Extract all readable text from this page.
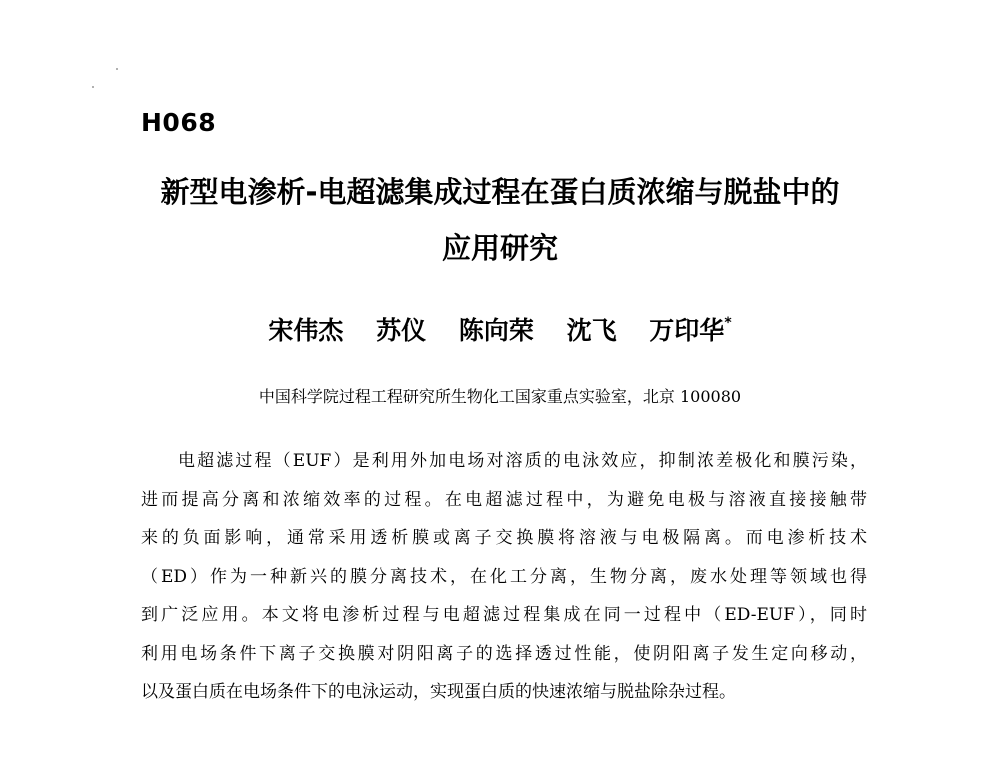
H068
新型电渗析-电超滤集成过程在蛋白质浓缩与脱盐中的
应用研究
宋伟杰 苏仪 陈向荣 沈飞 万印华*

中国科学院过程工程研究所生物化工国家重点实验室，北京 100080

电超滤过程（EUF）是利用外加电场对溶质的电泳效应，抑制浓差极化和膜污染，
进而提高分离和浓缩效率的过程。在电超滤过程中，为避免电极与溶液直接接触带
来的负面影响，通常采用透析膜或离子交换膜将溶液与电极隔离。而电渗析技术
（ED）作为一种新兴的膜分离技术，在化工分离，生物分离，废水处理等领域也得
到广泛应用。本文将电渗析过程与电超滤过程集成在同一过程中（ED-EUF），同时
利用电场条件下离子交换膜对阴阳离子的选择透过性能，使阴阳离子发生定向移动，
以及蛋白质在电场条件下的电泳运动，实现蛋白质的快速浓缩与脱盐除杂过程。
